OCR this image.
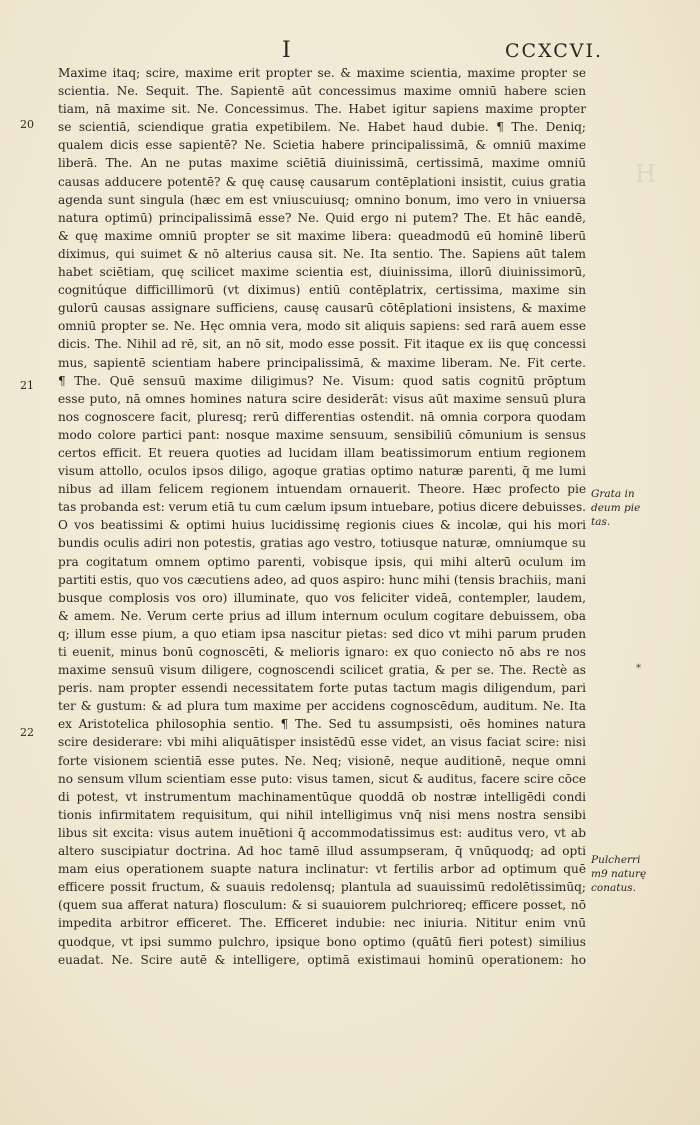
H
I	CCXCVI.
20
21
22
Grata in
deum pie
tas.
Pulcherri
m9 naturę
conatus.
*
Maxime itaq; scire, maxime erit propter se. & maxime scientia, maxime propter se
scientia. Ne. Sequit. The. Sapientē aūt concessimus maxime omniū habere scien
tiam, nā maxime sit. Ne. Concessimus. The. Habet igitur sapiens maxime propter
se scientiā, sciendique gratia expetibilem. Ne. Habet haud dubie. ¶ The. Deniq;
qualem dicis esse sapientē? Ne. Scietia habere principalissimā, & omniū maxime
liberā. The. An ne putas maxime sciētiā diuinissimā, certissimā, maxime omniū
causas adducere potentē? & quę causę causarum contēplationi insistit, cuius gratia
agenda sunt singula (hæc em est vniuscuiusq; omnino bonum, imo vero in vniuersa
natura optimū) principalissimā esse? Ne. Quid ergo ni putem? The. Et hāc eandē,
& quę maxime omniū propter se sit maxime libera: queadmodū eū hominē liberū
diximus, qui suimet & nō alterius causa sit. Ne. Ita sentio. The. Sapiens aūt talem
habet sciētiam, quę scilicet maxime scientia est, diuinissima, illorū diuinissimorū,
cognitúque difficillimorū (vt diximus) entiū contēplatrix, certissima, maxime sin
gulorū causas assignare sufficiens, causę causarū cōtēplationi insistens, & maxime
omniū propter se. Ne. Hęc omnia vera, modo sit aliquis sapiens: sed rarā auem esse
dicis. The. Nihil ad rē, sit, an nō sit, modo esse possit. Fit itaque ex iis quę concessi
mus, sapientē scientiam habere principalissimā, & maxime liberam. Ne. Fit certe.
¶ The. Quē sensuū maxime diligimus? Ne. Visum: quod satis cognitū prōptum
esse puto, nā omnes homines natura scire desiderāt: visus aūt maxime sensuū plura
nos cognoscere facit, pluresq; rerū differentias ostendit. nā omnia corpora quodam
modo colore partici pant: nosque maxime sensuum, sensibiliū cōmunium is sensus
certos efficit. Et reuera quoties ad lucidam illam beatissimorum entium regionem
visum attollo, oculos ipsos diligo, agoque gratias optimo naturæ parenti, q̄ me lumi
nibus ad illam felicem regionem intuendam ornauerit. Theore. Hæc profecto pie
tas probanda est: verum etiā tu cum cælum ipsum intuebare, potius dicere debuisses.
O vos beatissimi & optimi huius lucidissimę regionis ciues & incolæ, qui his mori
bundis oculis adiri non potestis, gratias ago vestro, totiusque naturæ, omniumque su
pra cogitatum omnem optimo parenti, vobisque ipsis, qui mihi alterū oculum im
partiti estis, quo vos cæcutiens adeo, ad quos aspiro: hunc mihi (tensis brachiis, mani
busque complosis vos oro) illuminate, quo vos feliciter videā, contempler, laudem,
& amem. Ne. Verum certe prius ad illum internum oculum cogitare debuissem, oba
q; illum esse pium, a quo etiam ipsa nascitur pietas: sed dico vt mihi parum pruden
ti euenit, minus bonū cognoscēti, & melioris ignaro: ex quo coniecto nō abs re nos
maxime sensuū visum diligere, cognoscendi scilicet gratia, & per se. The. Rectè as
peris. nam propter essendi necessitatem forte putas tactum magis diligendum, pari
ter & gustum: & ad plura tum maxime per accidens cognoscēdum, auditum. Ne. Ita
ex Aristotelica philosophia sentio. ¶ The. Sed tu assumpsisti, oēs homines natura
scire desiderare: vbi mihi aliquātisper insistēdū esse videt, an visus faciat scire: nisi
forte visionem scientiā esse putes. Ne. Neq; visionē, neque auditionē, neque omni
no sensum vllum scientiam esse puto: visus tamen, sicut & auditus, facere scire cōce
di potest, vt instrumentum machinamentūque quoddā ob nostræ intelligēdi condi
tionis infirmitatem requisitum, qui nihil intelligimus vnq̄ nisi mens nostra sensibi
libus sit excita: visus autem inuētioni q̄ accommodatissimus est: auditus vero, vt ab
altero suscipiatur doctrina. Ad hoc tamē illud assumpseram, q̄ vnūquodq; ad opti
mam eius operationem suapte natura inclinatur: vt fertilis arbor ad optimum quē
efficere possit fructum, & suauis redolensq; plantula ad suauissimū redolētissimūq;
(quem sua afferat natura) flosculum: & si suauiorem pulchrioreq; efficere posset, nō
impedita arbitror efficeret. The. Efficeret indubie: nec iniuria. Nititur enim vnū
quodque, vt ipsi summo pulchro, ipsique bono optimo (quātū fieri potest) similius
euadat. Ne. Scire autē & intelligere, optimā existimaui hominū operationem: ho
